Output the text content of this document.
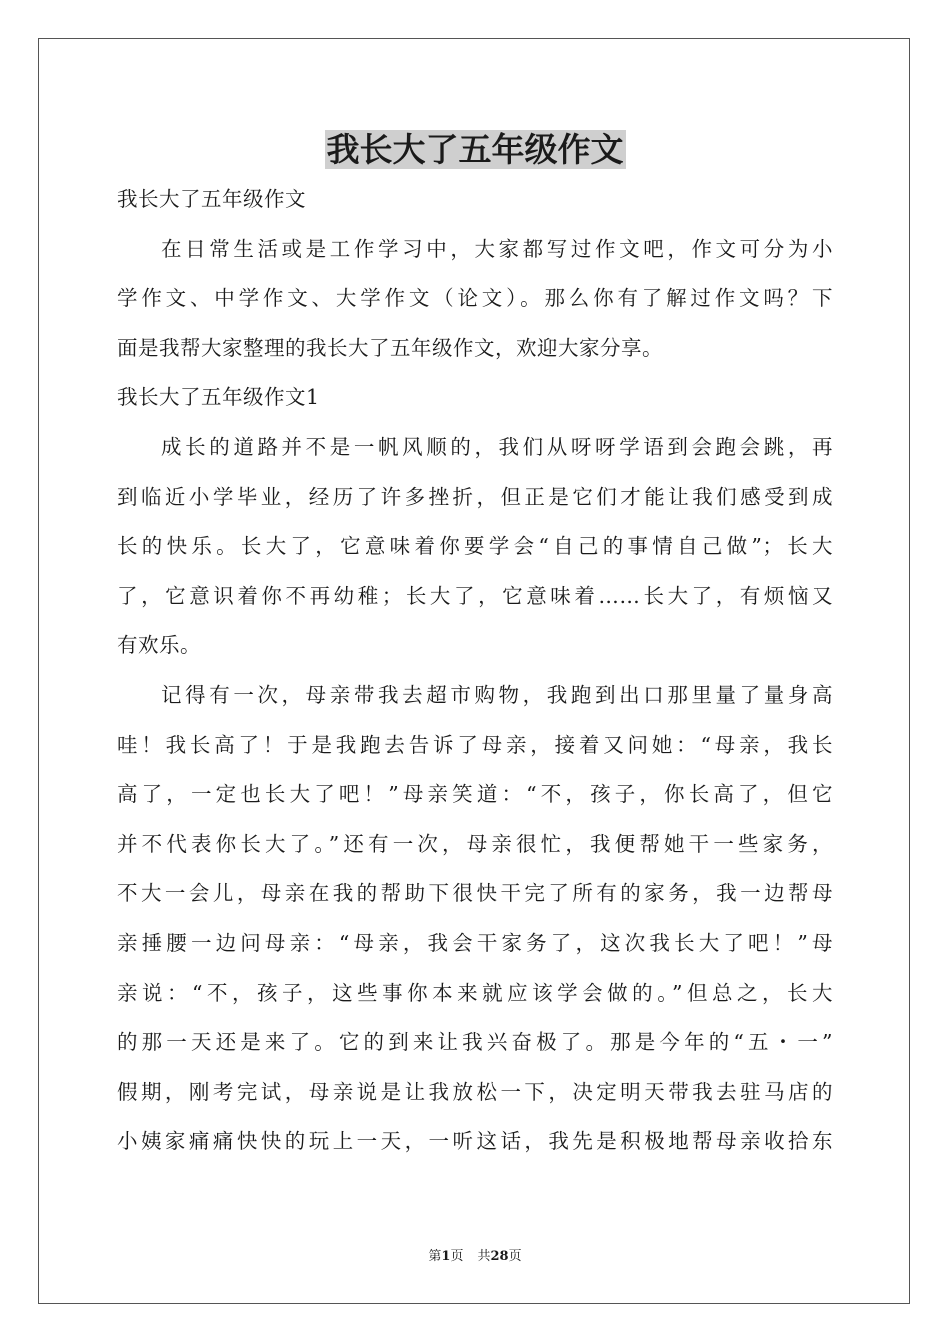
我长大了五年级作文
我长大了五年级作文
在日常生活或是工作学习中，大家都写过作文吧，作文可分为小
学作文、中学作文、大学作文（论文）。那么你有了解过作文吗？下
面是我帮大家整理的我长大了五年级作文，欢迎大家分享。
我长大了五年级作文1
成长的道路并不是一帆风顺的，我们从呀呀学语到会跑会跳，再
到临近小学毕业，经历了许多挫折，但正是它们才能让我们感受到成
长的快乐。长大了，它意味着你要学会“自己的事情自己做”；长大
了，它意识着你不再幼稚；长大了，它意味着……长大了，有烦恼又
有欢乐。
记得有一次，母亲带我去超市购物，我跑到出口那里量了量身高
哇！我长高了！于是我跑去告诉了母亲，接着又问她：“母亲，我长
高了，一定也长大了吧！”母亲笑道：“不，孩子，你长高了，但它
并不代表你长大了。”还有一次，母亲很忙，我便帮她干一些家务，
不大一会儿，母亲在我的帮助下很快干完了所有的家务，我一边帮母
亲捶腰一边问母亲：“母亲，我会干家务了，这次我长大了吧！”母
亲说：“不，孩子，这些事你本来就应该学会做的。”但总之，长大
的那一天还是来了。它的到来让我兴奋极了。那是今年的“五・一”
假期，刚考完试，母亲说是让我放松一下，决定明天带我去驻马店的
小姨家痛痛快快的玩上一天，一听这话，我先是积极地帮母亲收拾东
第1页 共28页
